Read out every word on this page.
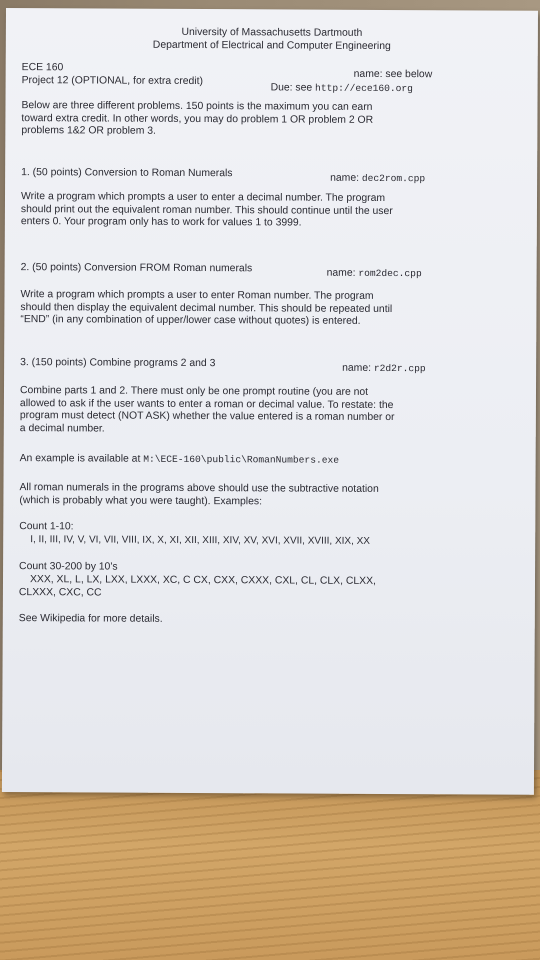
University of Massachusetts Dartmouth
Department of Electrical and Computer Engineering
ECE 160
name: see below
Project 12 (OPTIONAL, for extra credit)
Due: see http://ece160.org
Below are three different problems. 150 points is the maximum you can earn
toward extra credit. In other words, you may do problem 1 OR problem 2 OR
problems 1&2 OR problem 3.
1. (50 points) Conversion to Roman Numerals	name: dec2rom.cpp
Write a program which prompts a user to enter a decimal number. The program
should print out the equivalent roman number. This should continue until the user
enters 0. Your program only has to work for values 1 to 3999.
2. (50 points) Conversion FROM Roman numerals	name: rom2dec.cpp
Write a program which prompts a user to enter Roman number. The program
should then display the equivalent decimal number. This should be repeated until
“END” (in any combination of upper/lower case without quotes) is entered.
3. (150 points) Combine programs 2 and 3	name: r2d2r.cpp
Combine parts 1 and 2. There must only be one prompt routine (you are not
allowed to ask if the user wants to enter a roman or decimal value. To restate: the
program must detect (NOT ASK) whether the value entered is a roman number or
a decimal number.
An example is available at M:\ECE-160\public\RomanNumbers.exe
All roman numerals in the programs above should use the subtractive notation
(which is probably what you were taught). Examples:
Count 1-10:
I, II, III, IV, V, VI, VII, VIII, IX, X, XI, XII, XIII, XIV, XV, XVI, XVII, XVIII, XIX, XX
Count 30-200 by 10's
XXX, XL, L, LX, LXX, LXXX, XC, C CX, CXX, CXXX, CXL, CL, CLX, CLXX,
CLXXX, CXC, CC
See Wikipedia for more details.
